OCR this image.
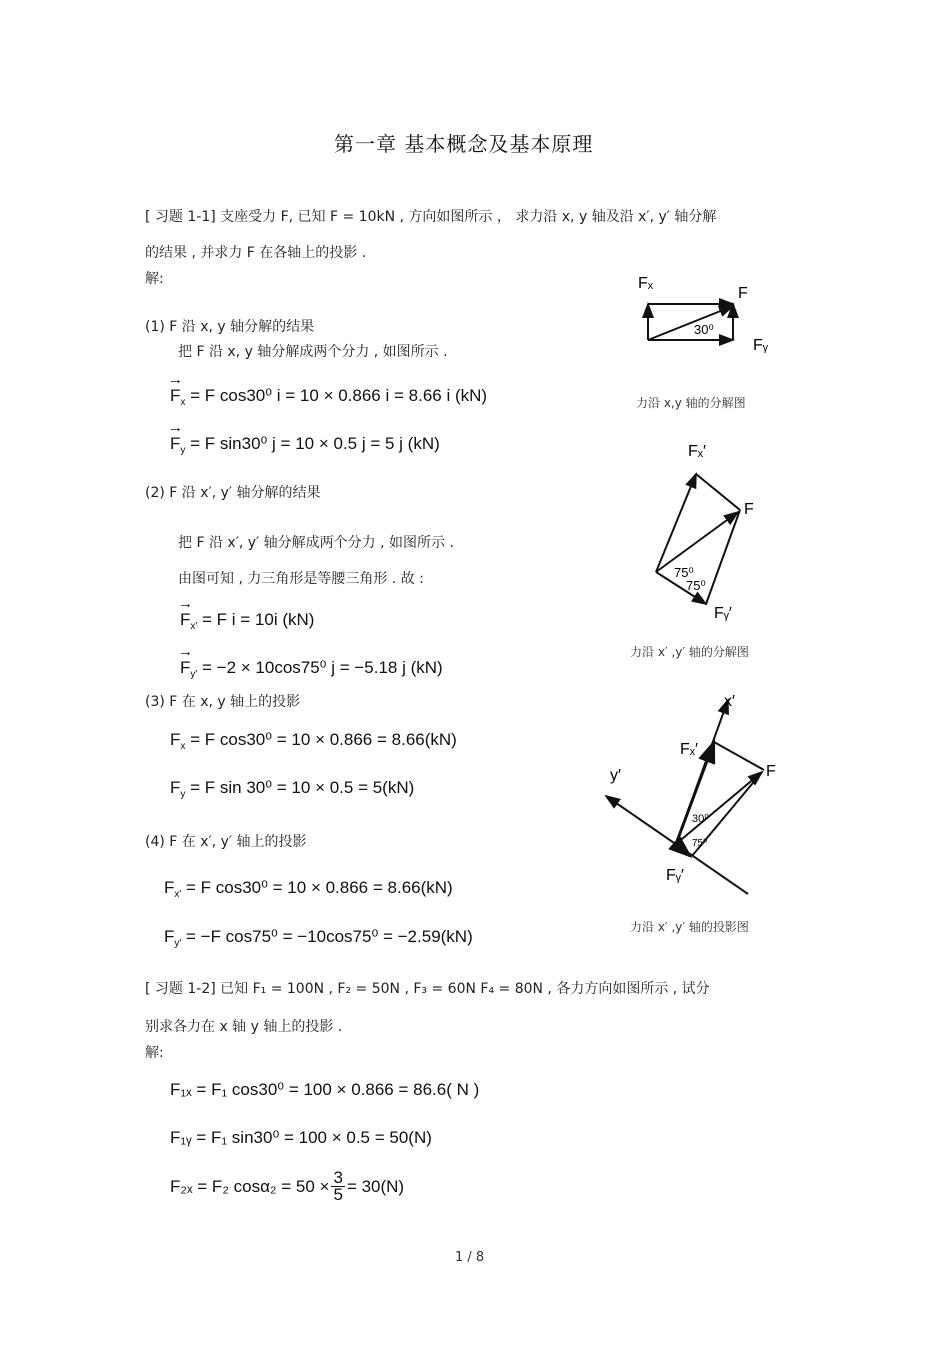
第一章 基本概念及基本原理
[ 习题 1-1] 支座受力 F, 已知 F = 10kN , 方向如图所示 ， 求力沿 x, y 轴及沿 x′, y′ 轴分解
的结果 , 并求力 F 在各轴上的投影 .
解:
(1) F 沿 x, y 轴分解的结果
把 F 沿 x, y 轴分解成两个分力 , 如图所示 .
→ $F_x = F$ cos30⁰ i = 10 × 0.866 i = 8.66 i (kN)
→ $F_y = F$ sin30⁰ j = 10 × 0.5 j = 5 j (kN)
(2) F 沿 x′, y′ 轴分解的结果
把 F 沿 x′, y′ 轴分解成两个分力 , 如图所示 .
由图可知 , 力三角形是等腰三角形 . 故 :
→ $F_{x'} = F$ i = 10i (kN)
→ $F_{y'} = -2 \times 10\cos 75^0$ j = −5.18 j (kN)
(3) F 在 x, y 轴上的投影
$F_x = F$ cos30⁰ = 10 × 0.866 = 8.66(kN)
$F_y = F$ sin 30⁰ = 10 × 0.5 = 5(kN)
(4) F 在 x′, y′ 轴上的投影
$F_{x'} = F$ cos30⁰ = 10 × 0.866 = 8.66(kN)
$F_{y'} = -F$ cos75⁰ = −10cos75⁰ = −2.59(kN)
[ 习题 1-2] 已知 F₁ = 100N , F₂ = 50N , F₃ = 60N F₄ = 80N , 各力方向如图所示 , 试分
别求各力在 x 轴 y 轴上的投影 .
解:
F₁ₓ = F₁ cos30⁰ = 100 × 0.866 = 86.6( N )
F₁ᵧ = F₁ sin30⁰ = 100 × 0.5 = 50(N)
F₂ₓ = F₂ $\cos\alpha_2 = 50 \times \frac{3}{5} = 30(N)$
Fₓ
F
Fᵧ
30⁰
力沿 x,y 轴的分解图
Fₓ′
F
75⁰
75⁰
Fᵧ′
力沿 x′ ,y′ 轴的分解图
x′
y′
Fₓ′
F
30⁰
75⁰
Fᵧ′
力沿 x′ ,y′ 轴的投影图
1 / 8
